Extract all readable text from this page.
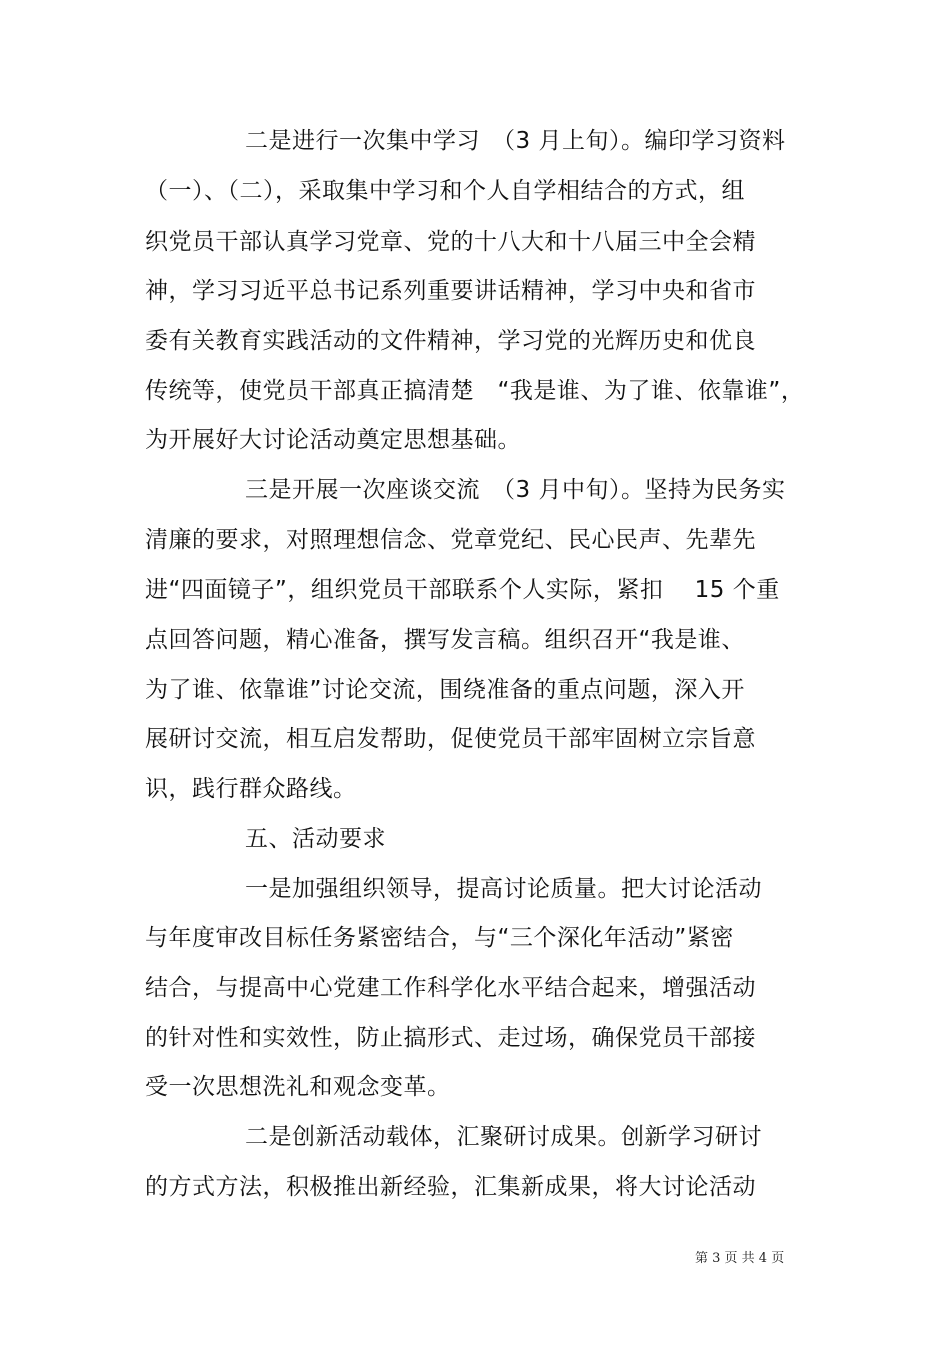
二是进行一次集中学习　（3 月上旬）。编印学习资料
（一）、（二），采取集中学习和个人自学相结合的方式，组
织党员干部认真学习党章、党的十八大和十八届三中全会精
神，学习习近平总书记系列重要讲话精神，学习中央和省市
委有关教育实践活动的文件精神，学习党的光辉历史和优良
传统等，使党员干部真正搞清楚　“我是谁、为了谁、依靠谁”，
为开展好大讨论活动奠定思想基础。
三是开展一次座谈交流　（3 月中旬）。坚持为民务实
清廉的要求，对照理想信念、党章党纪、民心民声、先辈先
进“四面镜子”，组织党员干部联系个人实际，紧扣　 15 个重
点回答问题，精心准备，撰写发言稿。组织召开“我是谁、
为了谁、依靠谁”讨论交流，围绕准备的重点问题，深入开
展研讨交流，相互启发帮助，促使党员干部牢固树立宗旨意
识，践行群众路线。
五、活动要求
一是加强组织领导，提高讨论质量。把大讨论活动
与年度审改目标任务紧密结合，与“三个深化年活动”紧密
结合，与提高中心党建工作科学化水平结合起来，增强活动
的针对性和实效性，防止搞形式、走过场，确保党员干部接
受一次思想洗礼和观念变革。
二是创新活动载体，汇聚研讨成果。创新学习研讨
的方式方法，积极推出新经验，汇集新成果，将大讨论活动
第 3 页 共 4 页
